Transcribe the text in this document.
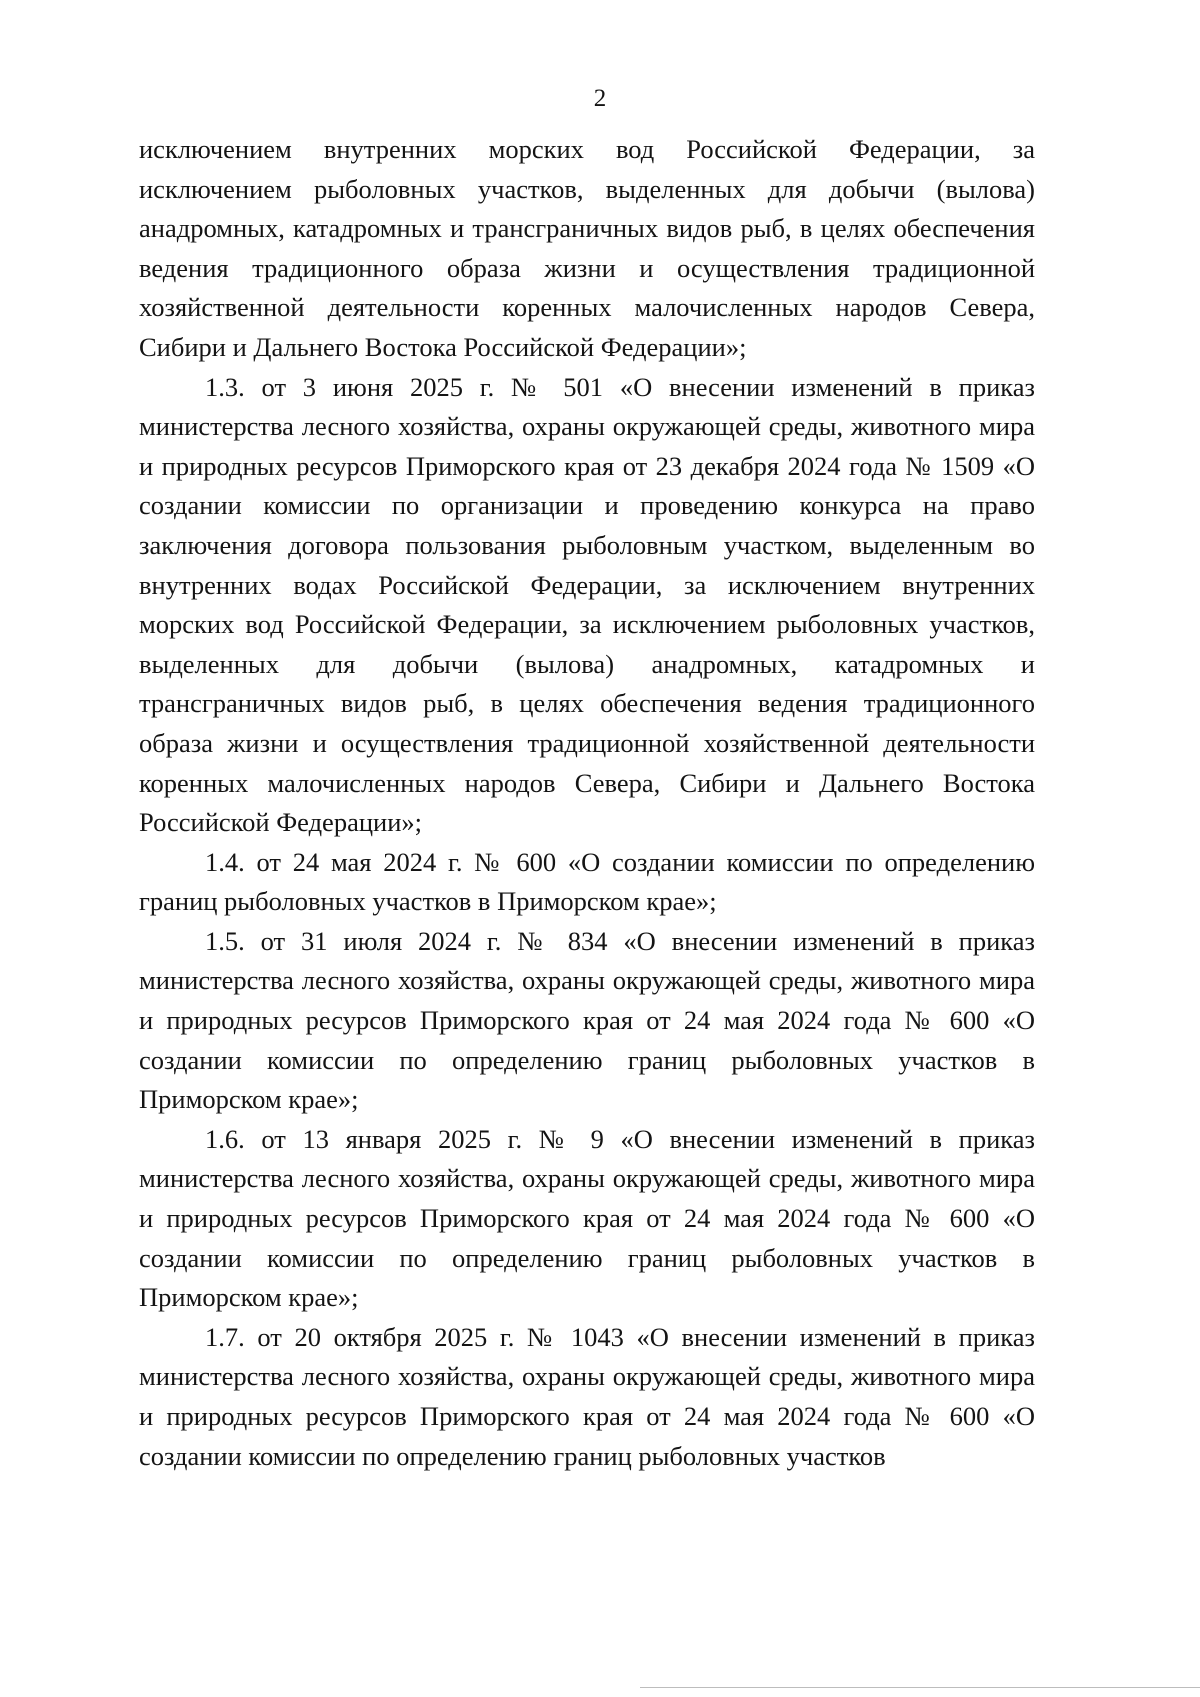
2

исключением внутренних морских вод Российской Федерации, за исключением рыболовных участков, выделенных для добычи (вылова) анадромных, катадромных и трансграничных видов рыб, в целях обеспечения ведения традиционного образа жизни и осуществления традиционной хозяйственной деятельности коренных малочисленных народов Севера, Сибири и Дальнего Востока Российской Федерации»;

1.3. от 3 июня 2025 г. № 501 «О внесении изменений в приказ министерства лесного хозяйства, охраны окружающей среды, животного мира и природных ресурсов Приморского края от 23 декабря 2024 года № 1509 «О создании комиссии по организации и проведению конкурса на право заключения договора пользования рыболовным участком, выделенным во внутренних водах Российской Федерации, за исключением внутренних морских вод Российской Федерации, за исключением рыболовных участков, выделенных для добычи (вылова) анадромных, катадромных и трансграничных видов рыб, в целях обеспечения ведения традиционного образа жизни и осуществления традиционной хозяйственной деятельности коренных малочисленных народов Севера, Сибири и Дальнего Востока Российской Федерации»;

1.4. от 24 мая 2024 г. № 600 «О создании комиссии по определению границ рыболовных участков в Приморском крае»;

1.5. от 31 июля 2024 г. № 834 «О внесении изменений в приказ министерства лесного хозяйства, охраны окружающей среды, животного мира и природных ресурсов Приморского края от 24 мая 2024 года № 600 «О создании комиссии по определению границ рыболовных участков в Приморском крае»;

1.6. от 13 января 2025 г. № 9 «О внесении изменений в приказ министерства лесного хозяйства, охраны окружающей среды, животного мира и природных ресурсов Приморского края от 24 мая 2024 года № 600 «О создании комиссии по определению границ рыболовных участков в Приморском крае»;

1.7. от 20 октября 2025 г. № 1043 «О внесении изменений в приказ министерства лесного хозяйства, охраны окружающей среды, животного мира и природных ресурсов Приморского края от 24 мая 2024 года № 600 «О создании комиссии по определению границ рыболовных участков
